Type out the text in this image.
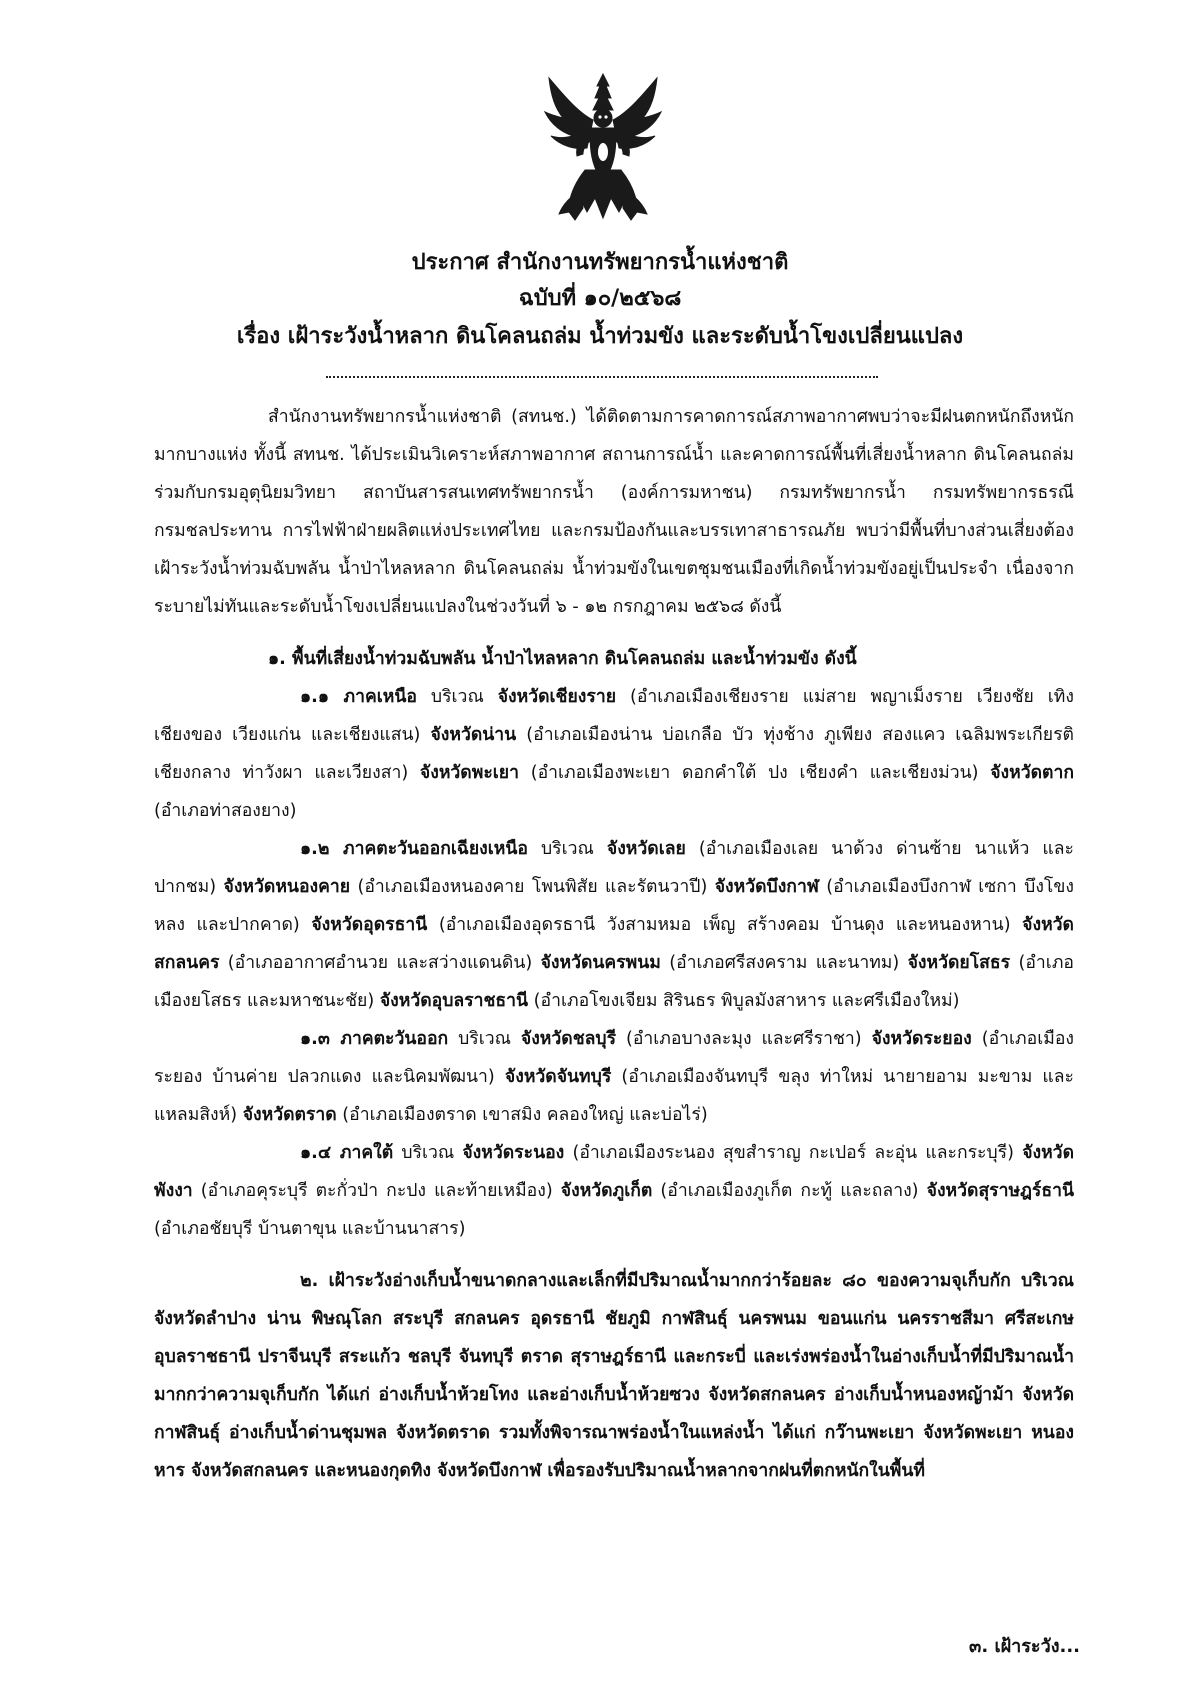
ประกาศ สำนักงานทรัพยากรน้ำแห่งชาติ
ฉบับที่ ๑๐/๒๕๖๘
เรื่อง เฝ้าระวังน้ำหลาก ดินโคลนถล่ม น้ำท่วมขัง และระดับน้ำโขงเปลี่ยนแปลง

สำนักงานทรัพยากรน้ำแห่งชาติ (สทนช.) ได้ติดตามการคาดการณ์สภาพอากาศพบว่าจะมีฝนตกหนักถึงหนักมากบางแห่ง ทั้งนี้ สทนช. ได้ประเมินวิเคราะห์สภาพอากาศ สถานการณ์น้ำ และคาดการณ์พื้นที่เสี่ยงน้ำหลาก ดินโคลนถล่ม ร่วมกับกรมอุตุนิยมวิทยา สถาบันสารสนเทศทรัพยากรน้ำ (องค์การมหาชน) กรมทรัพยากรน้ำ กรมทรัพยากรธรณี กรมชลประทาน การไฟฟ้าฝ่ายผลิตแห่งประเทศไทย และกรมป้องกันและบรรเทาสาธารณภัย พบว่ามีพื้นที่บางส่วนเสี่ยงต้องเฝ้าระวังน้ำท่วมฉับพลัน น้ำป่าไหลหลาก ดินโคลนถล่ม น้ำท่วมขังในเขตชุมชนเมืองที่เกิดน้ำท่วมขังอยู่เป็นประจำ เนื่องจากระบายไม่ทันและระดับน้ำโขงเปลี่ยนแปลงในช่วงวันที่ ๖ - ๑๒ กรกฎาคม ๒๕๖๘ ดังนี้

๑. พื้นที่เสี่ยงน้ำท่วมฉับพลัน น้ำป่าไหลหลาก ดินโคลนถล่ม และน้ำท่วมขัง ดังนี้

๑.๑ ภาคเหนือ บริเวณ จังหวัดเชียงราย (อำเภอเมืองเชียงราย แม่สาย พญาเม็งราย เวียงชัย เทิง เชียงของ เวียงแก่น และเชียงแสน) จังหวัดน่าน (อำเภอเมืองน่าน บ่อเกลือ บัว ทุ่งช้าง ภูเพียง สองแคว เฉลิมพระเกียรติ เชียงกลาง ท่าวังผา และเวียงสา) จังหวัดพะเยา (อำเภอเมืองพะเยา ดอกคำใต้ ปง เชียงคำ และเชียงม่วน) จังหวัดตาก (อำเภอท่าสองยาง)

๑.๒ ภาคตะวันออกเฉียงเหนือ บริเวณ จังหวัดเลย (อำเภอเมืองเลย นาด้วง ด่านซ้าย นาแห้ว และปากชม) จังหวัดหนองคาย (อำเภอเมืองหนองคาย โพนพิสัย และรัตนวาปี) จังหวัดบึงกาฬ (อำเภอเมืองบึงกาฬ เซกา บึงโขงหลง และปากคาด) จังหวัดอุดรธานี (อำเภอเมืองอุดรธานี วังสามหมอ เพ็ญ สร้างคอม บ้านดุง และหนองหาน) จังหวัดสกลนคร (อำเภออากาศอำนวย และสว่างแดนดิน) จังหวัดนครพนม (อำเภอศรีสงคราม และนาทม) จังหวัดยโสธร (อำเภอเมืองยโสธร และมหาชนะชัย) จังหวัดอุบลราชธานี (อำเภอโขงเจียม สิรินธร พิบูลมังสาหาร และศรีเมืองใหม่)

๑.๓ ภาคตะวันออก บริเวณ จังหวัดชลบุรี (อำเภอบางละมุง และศรีราชา) จังหวัดระยอง (อำเภอเมืองระยอง บ้านค่าย ปลวกแดง และนิคมพัฒนา) จังหวัดจันทบุรี (อำเภอเมืองจันทบุรี ขลุง ท่าใหม่ นายายอาม มะขาม และแหลมสิงห์) จังหวัดตราด (อำเภอเมืองตราด เขาสมิง คลองใหญ่ และบ่อไร่)

๑.๔ ภาคใต้ บริเวณ จังหวัดระนอง (อำเภอเมืองระนอง สุขสำราญ กะเปอร์ ละอุ่น และกระบุรี) จังหวัดพังงา (อำเภอคุระบุรี ตะกั่วป่า กะปง และท้ายเหมือง) จังหวัดภูเก็ต (อำเภอเมืองภูเก็ต กะทู้ และถลาง) จังหวัดสุราษฎร์ธานี (อำเภอชัยบุรี บ้านตาขุน และบ้านนาสาร)

๒. เฝ้าระวังอ่างเก็บน้ำขนาดกลางและเล็กที่มีปริมาณน้ำมากกว่าร้อยละ ๘๐ ของความจุเก็บกัก บริเวณ จังหวัดลำปาง น่าน พิษณุโลก สระบุรี สกลนคร อุดรธานี ชัยภูมิ กาฬสินธุ์ นครพนม ขอนแก่น นครราชสีมา ศรีสะเกษ อุบลราชธานี ปราจีนบุรี สระแก้ว ชลบุรี จันทบุรี ตราด สุราษฎร์ธานี และกระบี่ และเร่งพร่องน้ำในอ่างเก็บน้ำที่มีปริมาณน้ำมากกว่าความจุเก็บกัก ได้แก่ อ่างเก็บน้ำห้วยโทง และอ่างเก็บน้ำห้วยซวง จังหวัดสกลนคร อ่างเก็บน้ำหนองหญ้าม้า จังหวัดกาฬสินธุ์ อ่างเก็บน้ำด่านชุมพล จังหวัดตราด รวมทั้งพิจารณาพร่องน้ำในแหล่งน้ำ ได้แก่ กว๊านพะเยา จังหวัดพะเยา หนองหาร จังหวัดสกลนคร และหนองกุดทิง จังหวัดบึงกาฬ เพื่อรองรับปริมาณน้ำหลากจากฝนที่ตกหนักในพื้นที่

๓. เฝ้าระวัง...
